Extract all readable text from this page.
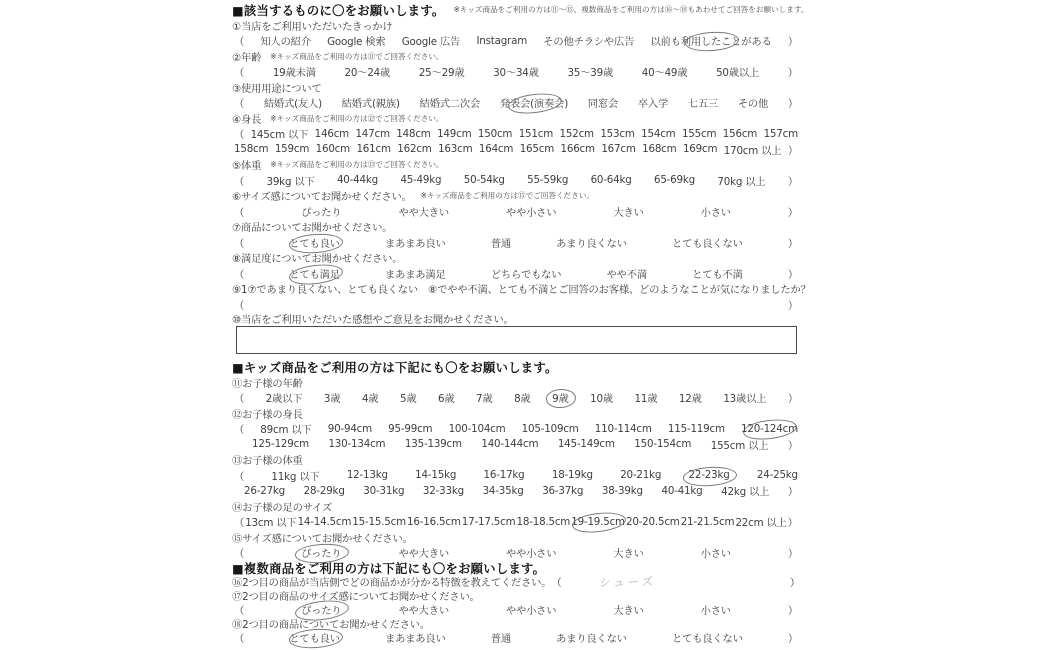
■該当するものに〇をお願いします。 ※キッズ商品をご利用の方は⑪〜⑮、複数商品をご利用の方は⑯〜⑱もあわせてご回答をお願いします。
①当店をご利用いただいたきっかけ
（ 知人の紹介 Google 検索 Google 広告 Instagram その他チラシや広告 以前も利用したことがある ）
②年齢 ※キッズ商品をご利用の方は⑪でご回答ください。
（	19歳未満	20〜24歳	25〜29歳	30〜34歳	35〜39歳	40〜49歳	50歳以上	）
③使用用途について
（ 結婚式(友人) 結婚式(親族) 結婚式二次会 発表会(演奏会) 同窓会 卒入学 七五三 その他 ）
④身長 ※キッズ商品をご利用の方は⑫でご回答ください。
（ 145cm 以下 146cm 147cm 148cm 149cm 150cm 151cm 152cm 153cm 154cm 155cm 156cm 157cm
158cm 159cm 160cm 161cm 162cm 163cm 164cm 165cm 166cm 167cm 168cm 169cm 170cm 以上 ）
⑤体重 ※キッズ商品をご利用の方は⑬でご回答ください。
（ 39kg 以下 40-44kg 45-49kg 50-54kg 55-59kg 60-64kg 65-69kg 70kg 以上 ）
⑥サイズ感についてお聞かせください。 ※キッズ商品をご利用の方は⑮でご回答ください。
（	ぴったり	やや大きい	やや小さい	大きい	小さい	）
⑦商品についてお聞かせください。
（	とても良い	まあまあ良い	普通	あまり良くない	とても良くない	）
⑧満足度についてお聞かせください。
（	とても満足	まあまあ満足	どちらでもない	やや不満	とても不満	）
⑨1⑦であまり良くない、とても良くない　⑧でやや不満、とても不満とご回答のお客様、どのようなことが気になりましたか？
（	）
⑩当店をご利用いただいた感想やご意見をお聞かせください。
■キッズ商品をご利用の方は下記にも〇をお願いします。
⑪お子様の年齢
（ 2歳以下 3歳 4歳 5歳 6歳 7歳 8歳 9歳 10歳 11歳 12歳 13歳以上 ）
⑫お子様の身長
（ 89cm 以下 90-94cm 95-99cm 100-104cm 105-109cm 110-114cm 115-119cm 120-124cm
125-129cm 130-134cm 135-139cm 140-144cm 145-149cm 150-154cm 155cm 以上 ）
⑬お子様の体重
（	11kg 以下	12-13kg	14-15kg	16-17kg	18-19kg	20-21kg	22-23kg	24-25kg
26-27kg 28-29kg 30-31kg 32-33kg 34-35kg 36-37kg 38-39kg 40-41kg 42kg 以上 ）
⑭お子様の足のサイズ
（ 13cm 以下 14-14.5cm 15-15.5cm 16-16.5cm 17-17.5cm 18-18.5cm 19-19.5cm 20-20.5cm 21-21.5cm 22cm 以上 ）
⑮サイズ感についてお聞かせください。
（	ぴったり	やや大きい	やや小さい	大きい	小さい	）
■複数商品をご利用の方は下記にも〇をお願いします。
⑯2つ目の商品が当店側でどの商品かが分かる特徴を教えてください。 （	シューズ	）
⑰2つ目の商品のサイズ感についてお聞かせください。
（	ぴったり	やや大きい	やや小さい	大きい	小さい	）
⑱2つ目の商品についてお聞かせください。
（	とても良い	まあまあ良い	普通	あまり良くない	とても良くない	）
